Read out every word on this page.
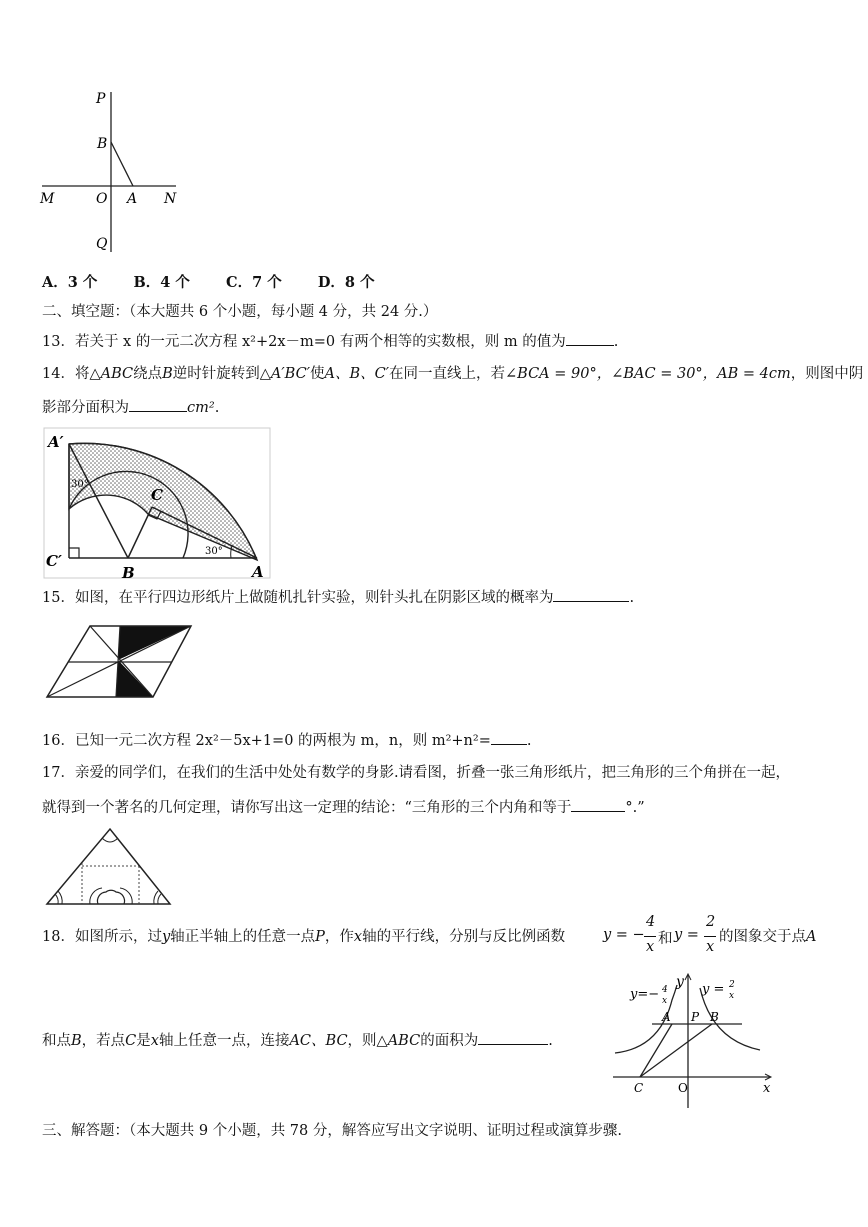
P
B
M	O A N
Q
A．3 个 B．4 个 C．7 个 D．8 个
二、填空题：（本大题共 6 个小题，每小题 4 分，共 24 分.）
13．若关于 x 的一元二次方程 x²+2x－m=0 有两个相等的实数根，则 m 的值为	.
14．将△ABC绕点B逆时针旋转到△A′BC′使A、B、C′在同一直线上，若∠BCA = 90°，∠BAC = 30°，AB = 4cm，则图中阴
影部分面积为	cm².
A′
30°
C
30°
C′
B	A
15．如图，在平行四边形纸片上做随机扎针实验，则针头扎在阴影区域的概率为	.
16．已知一元二次方程 2x²－5x+1=0 的两根为 m，n，则 m²+n²= .
17．亲爱的同学们，在我们的生活中处处有数学的身影.请看图，折叠一张三角形纸片，把三角形的三个角拼在一起，
就得到一个著名的几何定理，请你写出这一定理的结论：“三角形的三个内角和等于	°.”
18．如图所示，过y轴正半轴上的任意一点P，作x轴的平行线，分别与反比例函数	y = −
4
x 和 y =
2
x
的图象交于点A
和点B，若点C是x轴上任意一点，连接AC、BC，则△ABC的面积为	.
y=− 4
x
y y = 2
x
A P B
C	O	x
三、解答题：（本大题共 9 个小题，共 78 分，解答应写出文字说明、证明过程或演算步骤.
